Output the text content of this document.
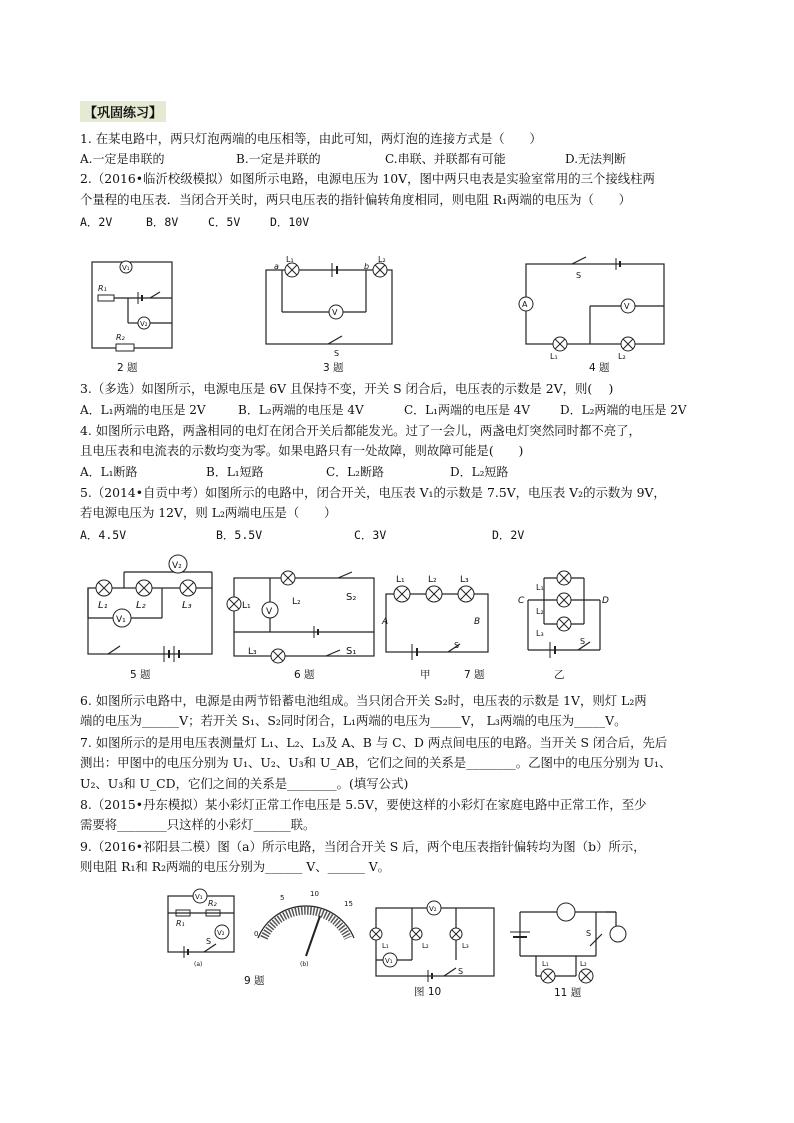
【巩固练习】
1. 在某电路中，两只灯泡两端的电压相等，由此可知，两灯泡的连接方式是（　　）
A.一定是串联的	B.一定是并联的	C.串联、并联都有可能	D.无法判断
2.（2016•临沂校级模拟）如图所示电路，电源电压为 10V，图中两只电表是实验室常用的三个接线柱两
个量程的电压表．当闭合开关时，两只电压表的指针偏转角度相同，则电阻 R₁两端的电压为（　　）
A．2V	B．8V	C．5V	D．10V
V₁
R₁
V₂
R₂
2 题
L₁
a
L₂
b
V
S
3 题
S
A	V
L₁	L₂
4 题
3.（多选）如图所示，电源电压是 6V 且保持不变，开关 S 闭合后，电压表的示数是 2V，则(　 )
A．L₁两端的电压是 2V	B．L₂两端的电压是 4V	C．L₁两端的电压是 4V D．L₂两端的电压是 2V
4. 如图所示电路，两盏相同的电灯在闭合开关后都能发光。过了一会儿，两盏电灯突然同时都不亮了，
且电压表和电流表的示数均变为零。如果电路只有一处故障，则故障可能是(　　)
A．L₁断路	B．L₁短路	C．L₂断路	D．L₂短路
5.（2014•自贡中考）如图所示的电路中，闭合开关，电压表 V₁的示数是 7.5V，电压表 V₂的示数为 9V，
若电源电压为 12V，则 L₂两端电压是（　　）
A．4.5V	B．5.5V	C．3V	D．2V
V₂
L₁	L₂	L₃
V₁
5 题
S₂
L₁
V
L₂
L₃	S₁
6 题
L₁	L₂	L₃
A	B
S
甲	7 题
L₁
L₂
L₃
C	D
S
乙
6. 如图所示电路中，电源是由两节铅蓄电池组成。当只闭合开关 S₂时，电压表的示数是 1V，则灯 L₂两
端的电压为______V；若开关 S₁、S₂同时闭合，L₁两端的电压为_____V， L₃两端的电压为_____V。
7. 如图所示的是用电压表测量灯 L₁、L₂、L₃及 A、B 与 C、D 两点间电压的电路。当开关 S 闭合后，先后
测出：甲图中的电压分别为 U₁、U₂、U₃和 U_AB，它们之间的关系是________。乙图中的电压分别为 U₁、
U₂、U₃和 U_CD，它们之间的关系是________。(填写公式)
8.（2015•丹东模拟）某小彩灯正常工作电压是 5.5V，要使这样的小彩灯在家庭电路中正常工作，至少
需要将________只这样的小彩灯______联。
9.（2016•祁阳县二模）图（a）所示电路，当闭合开关 S 后，两个电压表指针偏转均为图（b）所示，
则电阻 R₁和 R₂两端的电压分别为______ V、______ V。
V₁
R₁
R₂
V₂
S
(a)
9 题
5	10
15
0
(b)
V₂
L₁	L₂	L₃
V₁
S
图 10
S
L₁	L₂
11 题
